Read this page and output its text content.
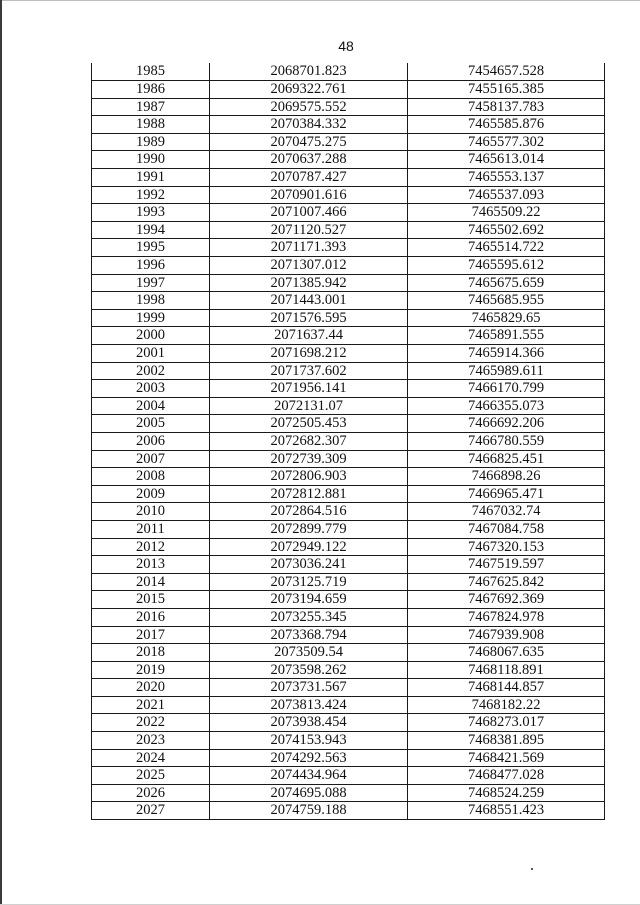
48
1985	2068701.823	7454657.528
1986	2069322.761	7455165.385
1987	2069575.552	7458137.783
1988	2070384.332	7465585.876
1989	2070475.275	7465577.302
1990	2070637.288	7465613.014
1991	2070787.427	7465553.137
1992	2070901.616	7465537.093
1993	2071007.466	7465509.22
1994	2071120.527	7465502.692
1995	2071171.393	7465514.722
1996	2071307.012	7465595.612
1997	2071385.942	7465675.659
1998	2071443.001	7465685.955
1999	2071576.595	7465829.65
2000	2071637.44	7465891.555
2001	2071698.212	7465914.366
2002	2071737.602	7465989.611
2003	2071956.141	7466170.799
2004	2072131.07	7466355.073
2005	2072505.453	7466692.206
2006	2072682.307	7466780.559
2007	2072739.309	7466825.451
2008	2072806.903	7466898.26
2009	2072812.881	7466965.471
2010	2072864.516	7467032.74
2011	2072899.779	7467084.758
2012	2072949.122	7467320.153
2013	2073036.241	7467519.597
2014	2073125.719	7467625.842
2015	2073194.659	7467692.369
2016	2073255.345	7467824.978
2017	2073368.794	7467939.908
2018	2073509.54	7468067.635
2019	2073598.262	7468118.891
2020	2073731.567	7468144.857
2021	2073813.424	7468182.22
2022	2073938.454	7468273.017
2023	2074153.943	7468381.895
2024	2074292.563	7468421.569
2025	2074434.964	7468477.028
2026	2074695.088	7468524.259
2027	2074759.188	7468551.423
